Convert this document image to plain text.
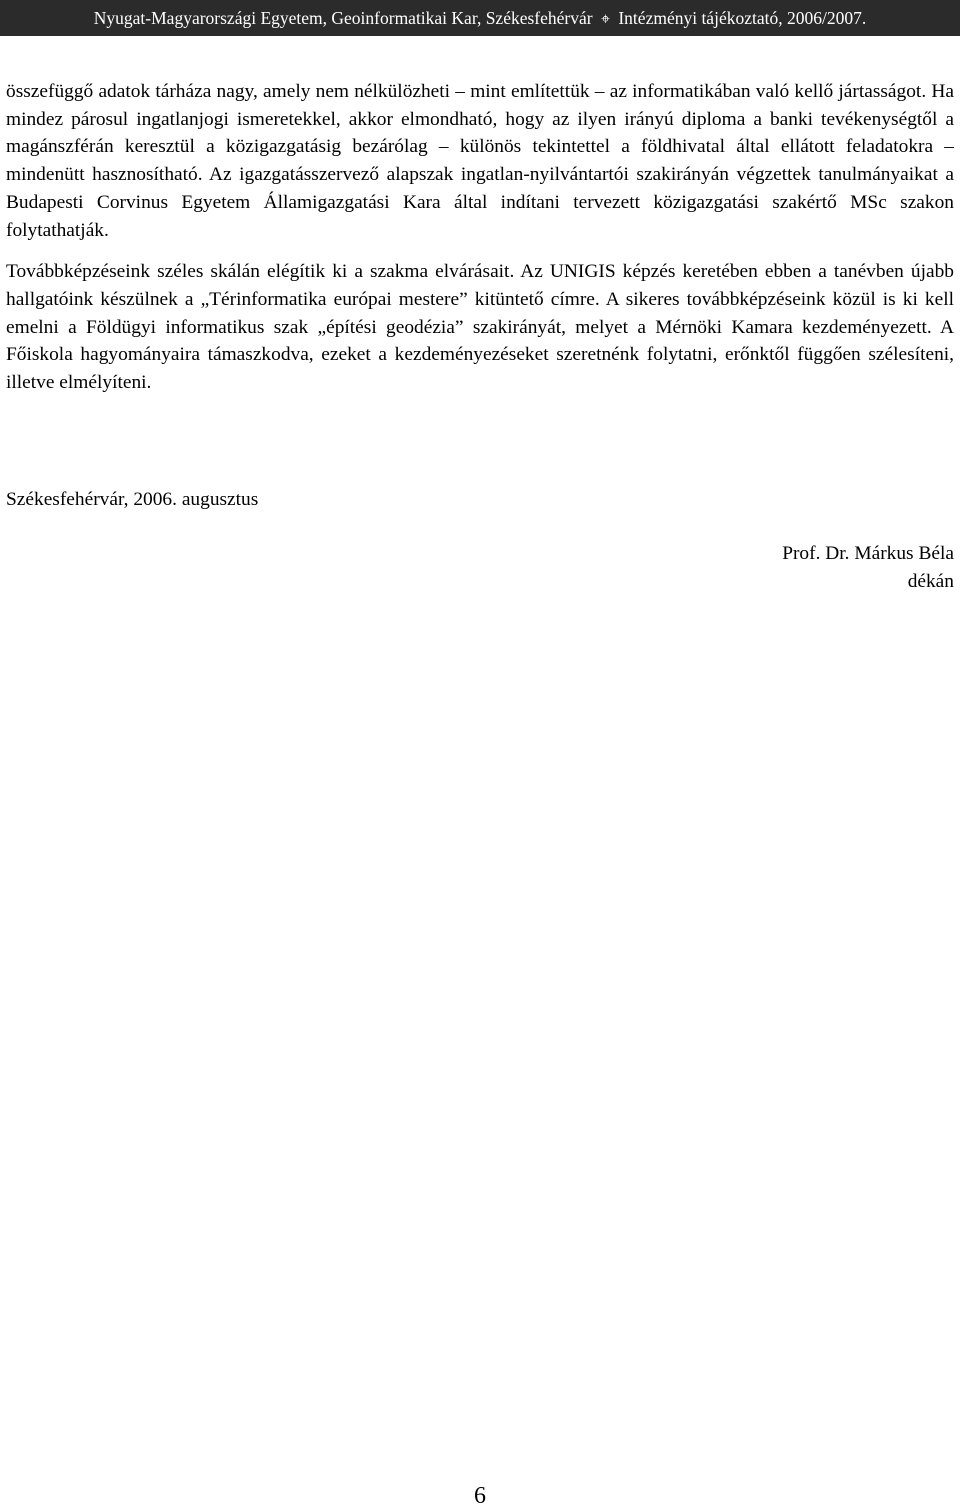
Nyugat-Magyarországi Egyetem, Geoinformatikai Kar, Székesfehérvár ⌖ Intézményi tájékoztató, 2006/2007.

összefüggő adatok tárháza nagy, amely nem nélkülözheti – mint említettük – az informatikában való kellő jártasságot. Ha mindez párosul ingatlanjogi ismeretekkel, akkor elmondható, hogy az ilyen irányú diploma a banki tevékenységtől a magánszférán keresztül a közigazgatásig bezárólag – különös tekintettel a földhivatal által ellátott feladatokra – mindenütt hasznosítható. Az igazgatásszervező alapszak ingatlan-nyilvántartói szakirányán végzettek tanulmányaikat a Budapesti Corvinus Egyetem Államigazgatási Kara által indítani tervezett közigazgatási szakértő MSc szakon folytathatják.

Továbbképzéseink széles skálán elégítik ki a szakma elvárásait. Az UNIGIS képzés keretében ebben a tanévben újabb hallgatóink készülnek a „Térinformatika európai mestere” kitüntető címre. A sikeres továbbképzéseink közül is ki kell emelni a Földügyi informatikus szak „építési geodézia” szakirányát, melyet a Mérnöki Kamara kezdeményezett. A Főiskola hagyományaira támaszkodva, ezeket a kezdeményezéseket szeretnénk folytatni, erőnktől függően szélesíteni, illetve elmélyíteni.

Székesfehérvár, 2006. augusztus
Prof. Dr. Márkus Béla
dékán
6
